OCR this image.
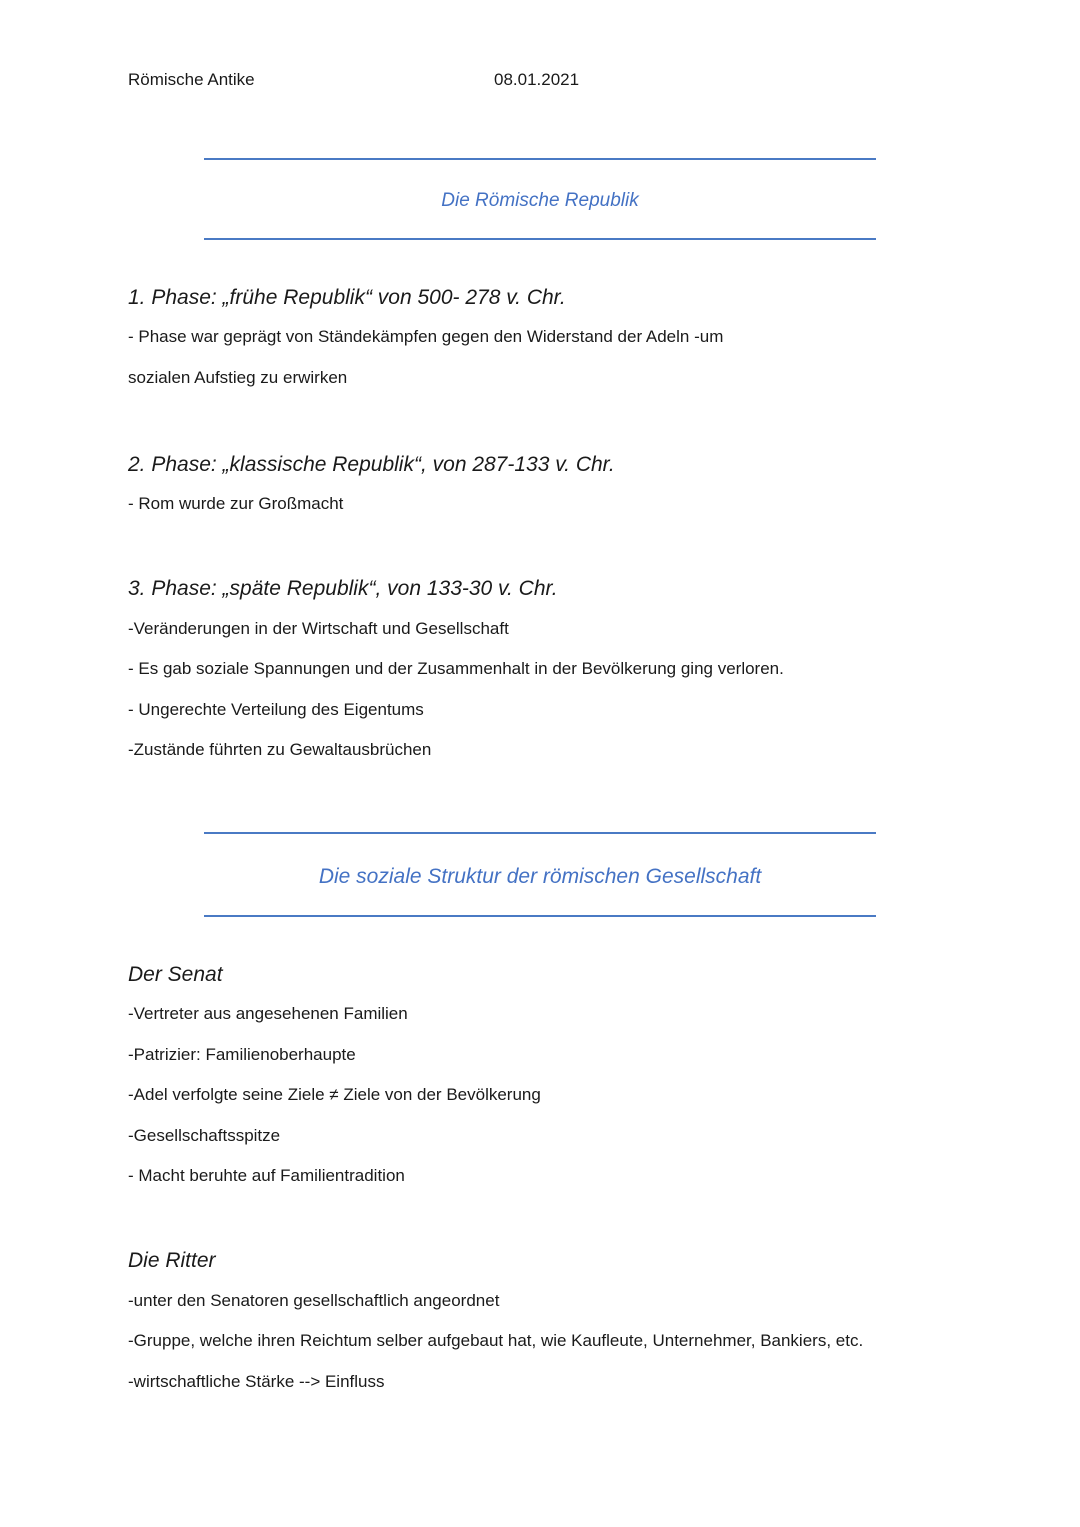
Römische Antike	08.01.2021
Die Römische Republik
1. Phase: „frühe Republik“ von 500- 278 v. Chr.
- Phase war geprägt von Ständekämpfen gegen den Widerstand der Adeln -um
sozialen Aufstieg zu erwirken
2. Phase: „klassische Republik“, von 287-133 v. Chr.
- Rom wurde zur Großmacht
3. Phase: „späte Republik“, von 133-30 v. Chr.
-Veränderungen in der Wirtschaft und Gesellschaft
- Es gab soziale Spannungen und der Zusammenhalt in der Bevölkerung ging verloren.
- Ungerechte Verteilung des Eigentums
-Zustände führten zu Gewaltausbrüchen
Die soziale Struktur der römischen Gesellschaft
Der Senat
-Vertreter aus angesehenen Familien
-Patrizier: Familienoberhaupte
-Adel verfolgte seine Ziele ≠ Ziele von der Bevölkerung
-Gesellschaftsspitze
- Macht beruhte auf Familientradition
Die Ritter
-unter den Senatoren gesellschaftlich angeordnet
-Gruppe, welche ihren Reichtum selber aufgebaut hat, wie Kaufleute, Unternehmer, Bankiers, etc.
-wirtschaftliche Stärke --> Einfluss
